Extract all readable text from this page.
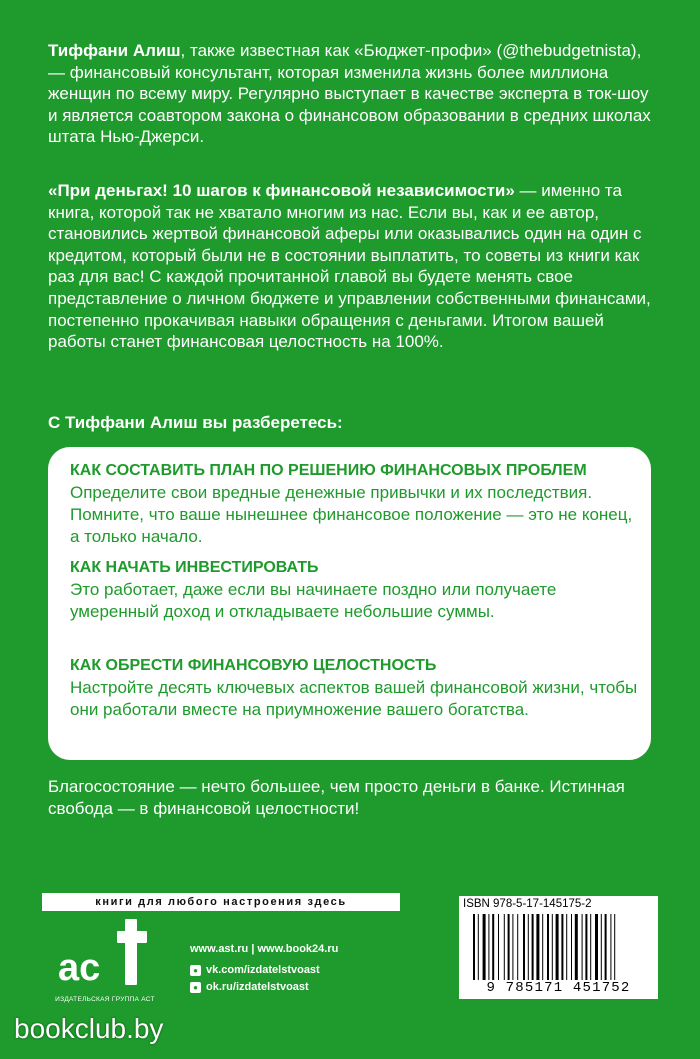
Тиффани Алиш, также известная как «Бюджет-профи» (@thebudgetnista), — финансовый консультант, которая изменила жизнь более миллиона женщин по всему миру. Регулярно выступает в качестве эксперта в ток-шоу и является соавтором закона о финансовом образовании в средних школах штата Нью-Джерси.

«При деньгах! 10 шагов к финансовой независимости» — именно та книга, которой так не хватало многим из нас. Если вы, как и ее автор, становились жертвой финансовой аферы или оказывались один на один с кредитом, который были не в состоянии выплатить, то советы из книги как раз для вас! С каждой прочитанной главой вы будете менять свое представление о личном бюджете и управлении собственными финансами, постепенно прокачивая навыки обращения с деньгами. Итогом вашей работы станет финансовая целостность на 100%.

С Тиффани Алиш вы разберетесь:
КАК СОСТАВИТЬ ПЛАН ПО РЕШЕНИЮ ФИНАНСОВЫХ ПРОБЛЕМ

Определите свои вредные денежные привычки и их последствия. Помните, что ваше нынешнее финансовое положение — это не конец, а только начало.

КАК НАЧАТЬ ИНВЕСТИРОВАТЬ

Это работает, даже если вы начинаете поздно или получаете умеренный доход и откладываете небольшие суммы.

КАК ОБРЕСТИ ФИНАНСОВУЮ ЦЕЛОСТНОСТЬ

Настройте десять ключевых аспектов вашей финансовой жизни, чтобы они работали вместе на приумножение вашего богатства.

Благосостояние — нечто большее, чем просто деньги в банке. Истинная свобода — в финансовой целостности!
книги для любого настроения здесь
ас
ИЗДАТЕЛЬСКАЯ ГРУППА АСТ
www.ast.ru | www.book24.ru
● vk.com/ izdatelstvoast
● ok.ru/ izdatelstvoast
ISBN 978-5-17-145175-2
9 785171 451752
bookclub.by
